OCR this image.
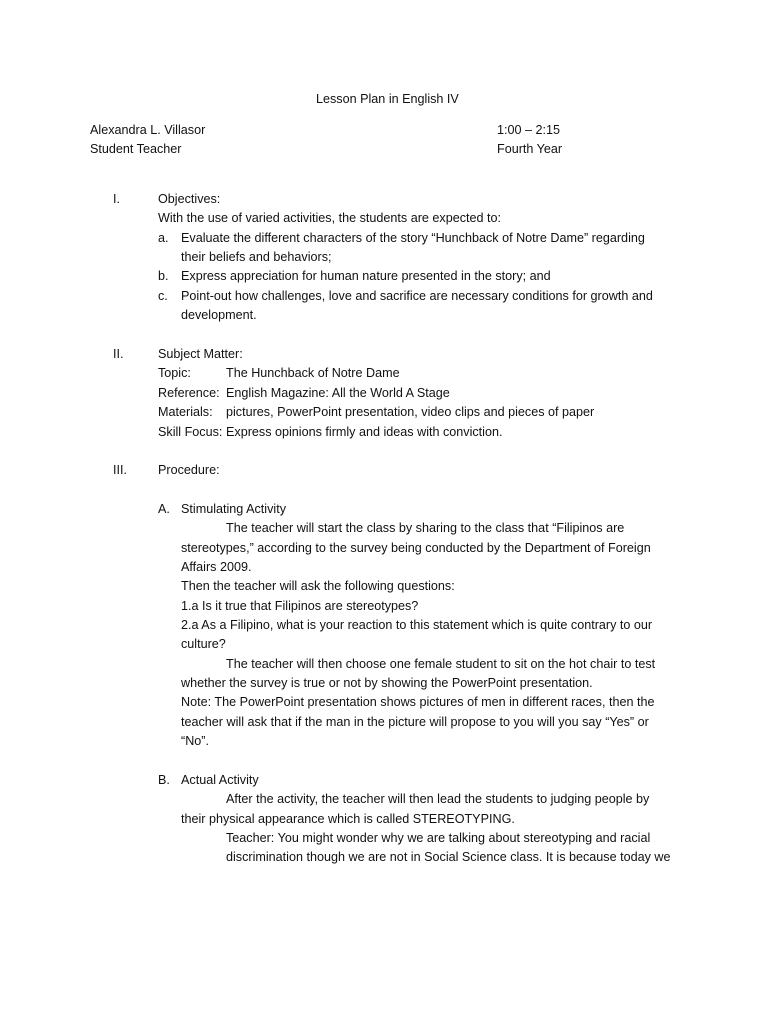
Lesson Plan in English IV
Alexandra L. Villasor
Student Teacher
1:00 – 2:15
Fourth Year
I.	Objectives:
With the use of varied activities, the students are expected to:
a. Evaluate the different characters of the story “Hunchback of Notre Dame” regarding
their beliefs and behaviors;
b. Express appreciation for human nature presented in the story; and
c. Point-out how challenges, love and sacrifice are necessary conditions for growth and
development.
II.	Subject Matter:
Topic:	The Hunchback of Notre Dame
Reference: English Magazine: All the World A Stage
Materials: pictures, PowerPoint presentation, video clips and pieces of paper
Skill Focus: Express opinions firmly and ideas with conviction.
III. Procedure:
A. Stimulating Activity
The teacher will start the class by sharing to the class that “Filipinos are
stereotypes,” according to the survey being conducted by the Department of Foreign
Affairs 2009.
Then the teacher will ask the following questions:
1.a Is it true that Filipinos are stereotypes?
2.a As a Filipino, what is your reaction to this statement which is quite contrary to our
culture?
The teacher will then choose one female student to sit on the hot chair to test
whether the survey is true or not by showing the PowerPoint presentation.
Note: The PowerPoint presentation shows pictures of men in different races, then the
teacher will ask that if the man in the picture will propose to you will you say “Yes” or
“No”.
B. Actual Activity
After the activity, the teacher will then lead the students to judging people by
their physical appearance which is called STEREOTYPING.
Teacher: You might wonder why we are talking about stereotyping and racial
discrimination though we are not in Social Science class. It is because today we
